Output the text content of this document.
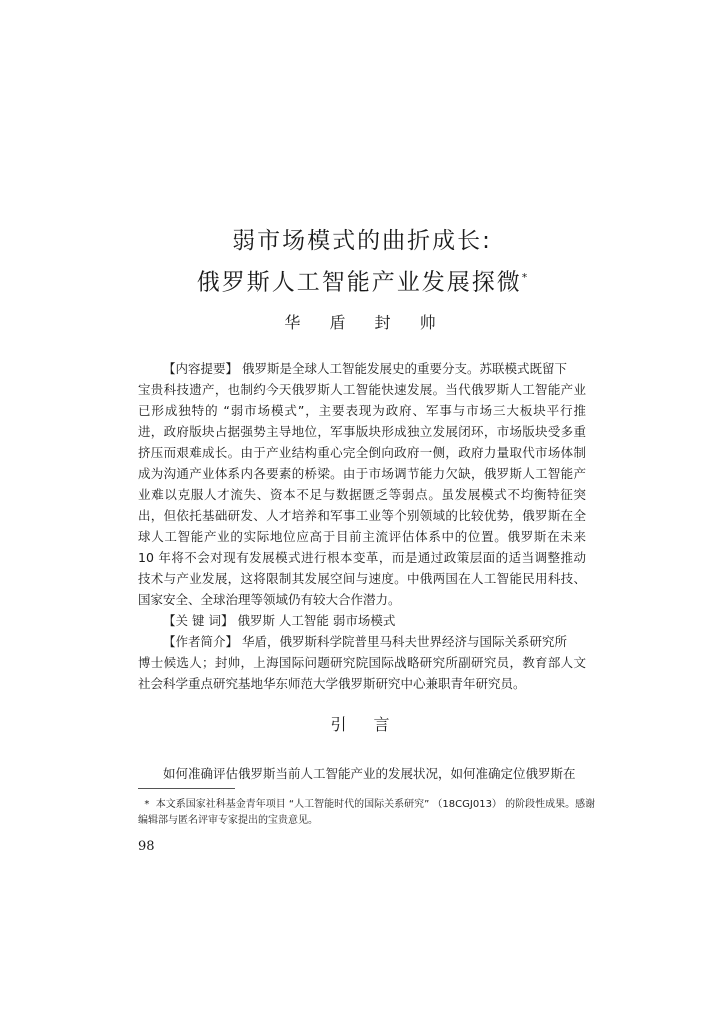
弱市场模式的曲折成长:
俄罗斯人工智能产业发展探微*
华 盾 封 帅
【内容提要】 俄罗斯是全球人工智能发展史的重要分支。苏联模式既留下
宝贵科技遗产，也制约今天俄罗斯人工智能快速发展。当代俄罗斯人工智能产业
已形成独特的 “弱市场模式”，主要表现为政府、军事与市场三大板块平行推
进，政府版块占据强势主导地位，军事版块形成独立发展闭环，市场版块受多重
挤压而艰难成长。由于产业结构重心完全倒向政府一侧，政府力量取代市场体制
成为沟通产业体系内各要素的桥梁。由于市场调节能力欠缺，俄罗斯人工智能产
业难以克服人才流失、资本不足与数据匮乏等弱点。虽发展模式不均衡特征突
出，但依托基础研发、人才培养和军事工业等个别领域的比较优势，俄罗斯在全
球人工智能产业的实际地位应高于目前主流评估体系中的位置。俄罗斯在未来
10 年将不会对现有发展模式进行根本变革，而是通过政策层面的适当调整推动
技术与产业发展，这将限制其发展空间与速度。中俄两国在人工智能民用科技、
国家安全、全球治理等领域仍有较大合作潜力。
【关 键 词】 俄罗斯 人工智能 弱市场模式
【作者简介】 华盾，俄罗斯科学院普里马科夫世界经济与国际关系研究所
博士候选人；封帅，上海国际问题研究院国际战略研究所副研究员，教育部人文
社会科学重点研究基地华东师范大学俄罗斯研究中心兼职青年研究员。
引 言
如何准确评估俄罗斯当前人工智能产业的发展状况，如何准确定位俄罗斯在
* 本文系国家社科基金青年项目 “人工智能时代的国际关系研究” （18CGJ013） 的阶段性成果。感谢
编辑部与匿名评审专家提出的宝贵意见。
98
